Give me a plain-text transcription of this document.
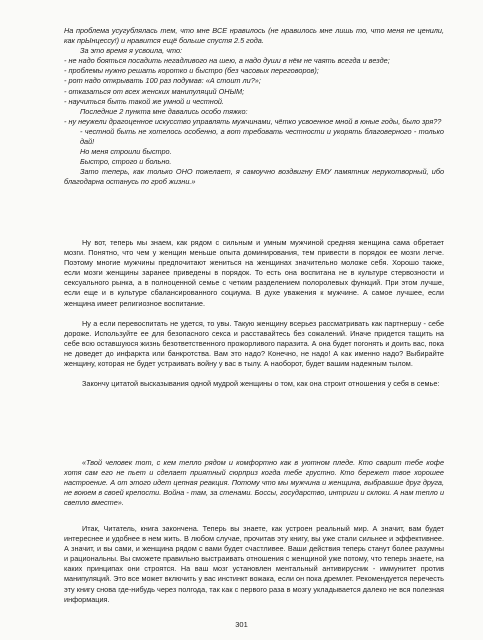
На проблема усугублялась тем, что мне ВСЕ нравилось (не нравилось мне лишь то, что меня не ценили, как прЫнцессу!) и нравится ещё больше спустя 2.5 года.

За это время я усвоила, что:

- не надо бояться посадить негадливого на шею, а надо души в нём не чаять всегда и везде;

- проблемы нужно решать коротко и быстро (без часовых переговоров);

- рот надо открывать 100 раз подумав: «А стоит ли?»;

- отказаться от всех женских манипуляций ОНЫМ;

- научиться быть такой же умной и честной.

Последние 2 пункта мне давались особо тяжко:

- ну неужели драгоценное искусство управлять мужчинами, чётко усвоенное мной в юные годы, было зря??

- честной быть не хотелось особенно, а вот требовать честности и укорять благоверного - только дай!

Но меня строили быстро.

Быстро, строго и больно.

Зато теперь, как только ОНО пожелает, я самоучно воздвигну ЕМУ памятник нерукотворный, ибо благодарна останусь по гроб жизни.»

Ну вот, теперь мы знаем, как рядом с сильным и умным мужчиной средняя женщина сама обретает мозги. Понятно, что чем у женщин меньше опыта доминирования, тем привести в порядок ее мозги легче. Поэтому многие мужчины предпочитают жениться на женщинах значительно моложе себя. Хорошо также, если мозги женщины заранее приведены в порядок. То есть она воспитана не в культуре стервозности и сексуального рынка, а в полноценной семье с четким разделением полоролевых функций. При этом лучше, если еще и в культуре сбалансированного социума. В духе уважения к мужчине. А самое лучшее, если женщина имеет религиозное воспитание.

Ну а если перевоспитать не удется, то увы. Такую женщину всерьез рассматривать как партнершу - себе дороже. Используйте ее для безопасного секса и расставайтесь без сожалений. Иначе придется тащить на себе всю оставшуюся жизнь безответственного прожорливого паразита. А она будет погонять и доить вас, пока не доведет до инфаркта или банкротства. Вам это надо? Конечно, не надо! А как именно надо? Выбирайте женщину, которая не будет устраивать войну у вас в тылу. А наоборот, будет вашим надежным тылом.

Закончу цитатой высказывания одной мудрой женщины о том, как она строит отношения у себя в семье:

«Твой человек тот, с кем тепло рядом и комфортно как в уютном пледе. Кто сварит тебе кофе хотя сам его не пьет и сделает приятный сюрприз когда тебе грустно. Кто бережет твое хорошее настроение. А от этого идет цепная реакция. Потому что мы мужчина и женщина, выбравшие друг друга, не воюем в своей крепости. Война - там, за стенами. Боссы, государство, интриги и склоки. А нам тепло и светло вместе».

Итак, Читатель, книга закончена. Теперь вы знаете, как устроен реальный мир. А значит, вам будет интереснее и удобнее в нем жить. В любом случае, прочитав эту книгу, вы уже стали сильнее и эффективнее. А значит, и вы сами, и женщина рядом с вами будет счастливее. Ваши действия теперь станут более разумны и рациональны. Вы сможете правильно выстраивать отношения с женщиной уже потому, что теперь знаете, на каких принципах они строятся. На ваш мозг установлен ментальный антивирусник - иммунитет против манипуляций. Это все может включить у вас инстинкт вожака, если он пока дремлет. Рекомендуется перечесть эту книгу снова где-нибудь через полгода, так как с первого раза в мозгу укладывается далеко не вся полезная информация.

301
